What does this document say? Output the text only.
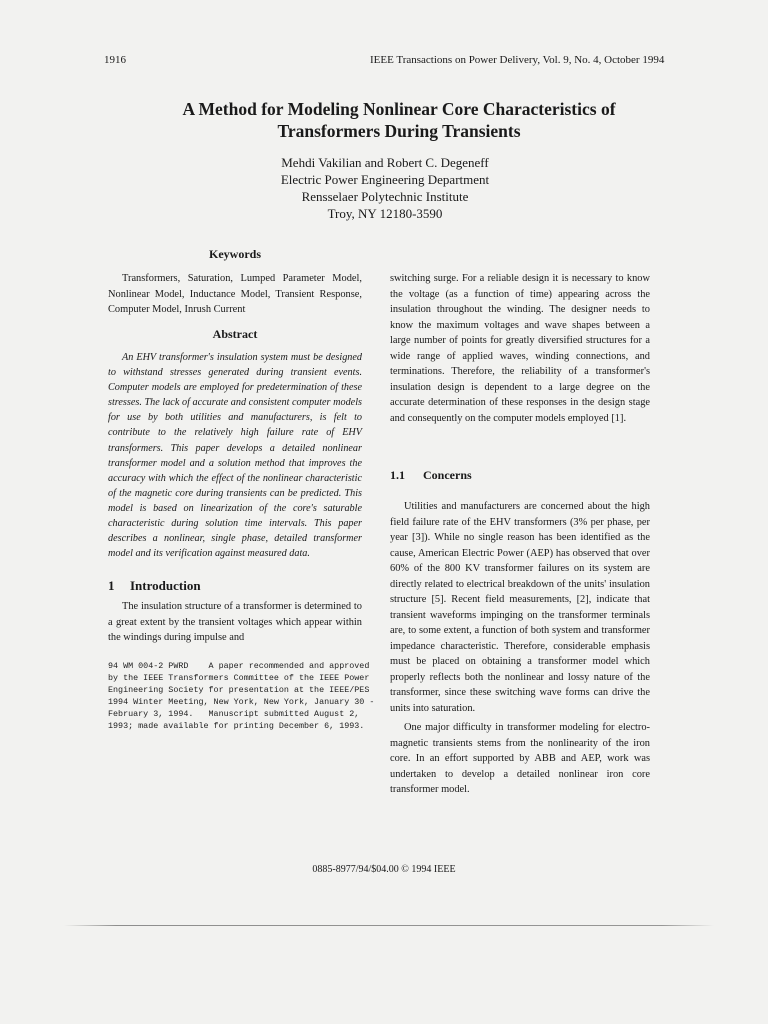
1916	IEEE Transactions on Power Delivery, Vol. 9, No. 4, October 1994
A Method for Modeling Nonlinear Core Characteristics of
Transformers During Transients
Mehdi Vakilian and Robert C. Degeneff
Electric Power Engineering Department
Rensselaer Polytechnic Institute
Troy, NY 12180-3590
Keywords
Transformers, Saturation, Lumped Parameter Model, Nonlinear Model, Inductance Model, Transient Response, Computer Model, Inrush Current
Abstract
An EHV transformer's insulation system must be designed to withstand stresses generated during transient events. Computer models are employed for predetermination of these stresses. The lack of accurate and consistent computer models for use by both utilities and manufacturers, is felt to contribute to the relatively high failure rate of EHV transformers. This paper develops a detailed nonlinear transformer model and a solution method that improves the accuracy with which the effect of the nonlinear characteristic of the magnetic core during transients can be predicted. This model is based on linearization of the core's saturable characteristic during solution time intervals. This paper describes a nonlinear, single phase, detailed transformer model and its verification against measured data.
1 Introduction
The insulation structure of a transformer is determined to a great extent by the transient voltages which appear within the windings during impulse and
94 WM 004-2 PWRD    A paper recommended and approved
by the IEEE Transformers Committee of the IEEE Power
Engineering Society for presentation at the IEEE/PES
1994 Winter Meeting, New York, New York, January 30 -
February 3, 1994.   Manuscript submitted August 2,
1993; made available for printing December 6, 1993.
switching surge. For a reliable design it is necessary to know the voltage (as a function of time) appearing across the insulation throughout the winding. The designer needs to know the maximum voltages and wave shapes between a large number of points for greatly diversified structures for a wide range of applied waves, winding connections, and terminations. Therefore, the reliability of a transformer's insulation design is dependent to a large degree on the accurate determination of these responses in the design stage and consequently on the computer models employed [1].
1.1 Concerns
Utilities and manufacturers are concerned about the high field failure rate of the EHV transformers (3% per phase, per year [3]). While no single reason has been identified as the cause, American Electric Power (AEP) has observed that over 60% of the 800 KV transformer failures on its system are directly related to electrical breakdown of the units' insulation structure [5]. Recent field measurements, [2], indicate that transient waveforms impinging on the transformer terminals are, to some extent, a function of both system and transformer impedance characteristic. Therefore, considerable emphasis must be placed on obtaining a transformer model which properly reflects both the nonlinear and lossy nature of the transformer, since these switching wave forms can drive the units into saturation.
One major difficulty in transformer modeling for electro-magnetic transients stems from the nonlinearity of the iron core. In an effort supported by ABB and AEP, work was undertaken to develop a detailed nonlinear iron core transformer model.
0885-8977/94/$04.00 © 1994 IEEE
